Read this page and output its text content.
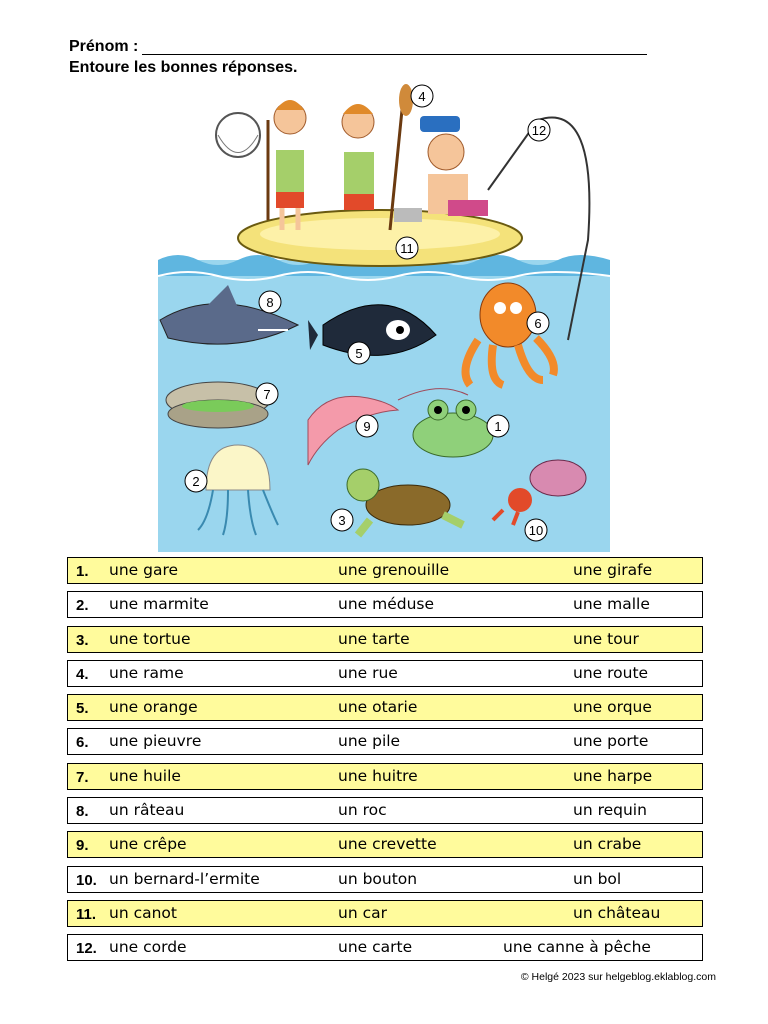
Prénom :
Entoure les bonnes réponses.
4
12
11
8
6
5
7
9	1
2
3
10
1. une gare	une grenouille	une girafe
2. une marmite	une méduse	une malle
3. une tortue	une tarte	une tour
4. une rame	une rue	une route
5. une orange	une otarie	une orque
6. une pieuvre	une pile	une porte
7. une huile	une huitre	une harpe
8. un râteau	un roc	un requin
9. une crêpe	une crevette	un crabe
10. un bernard-l’ermite	un bouton	un bol
11. un canot	un car	un château
12. une corde	une carte	une canne à pêche
© Helgé 2023 sur helgeblog.eklablog.com
